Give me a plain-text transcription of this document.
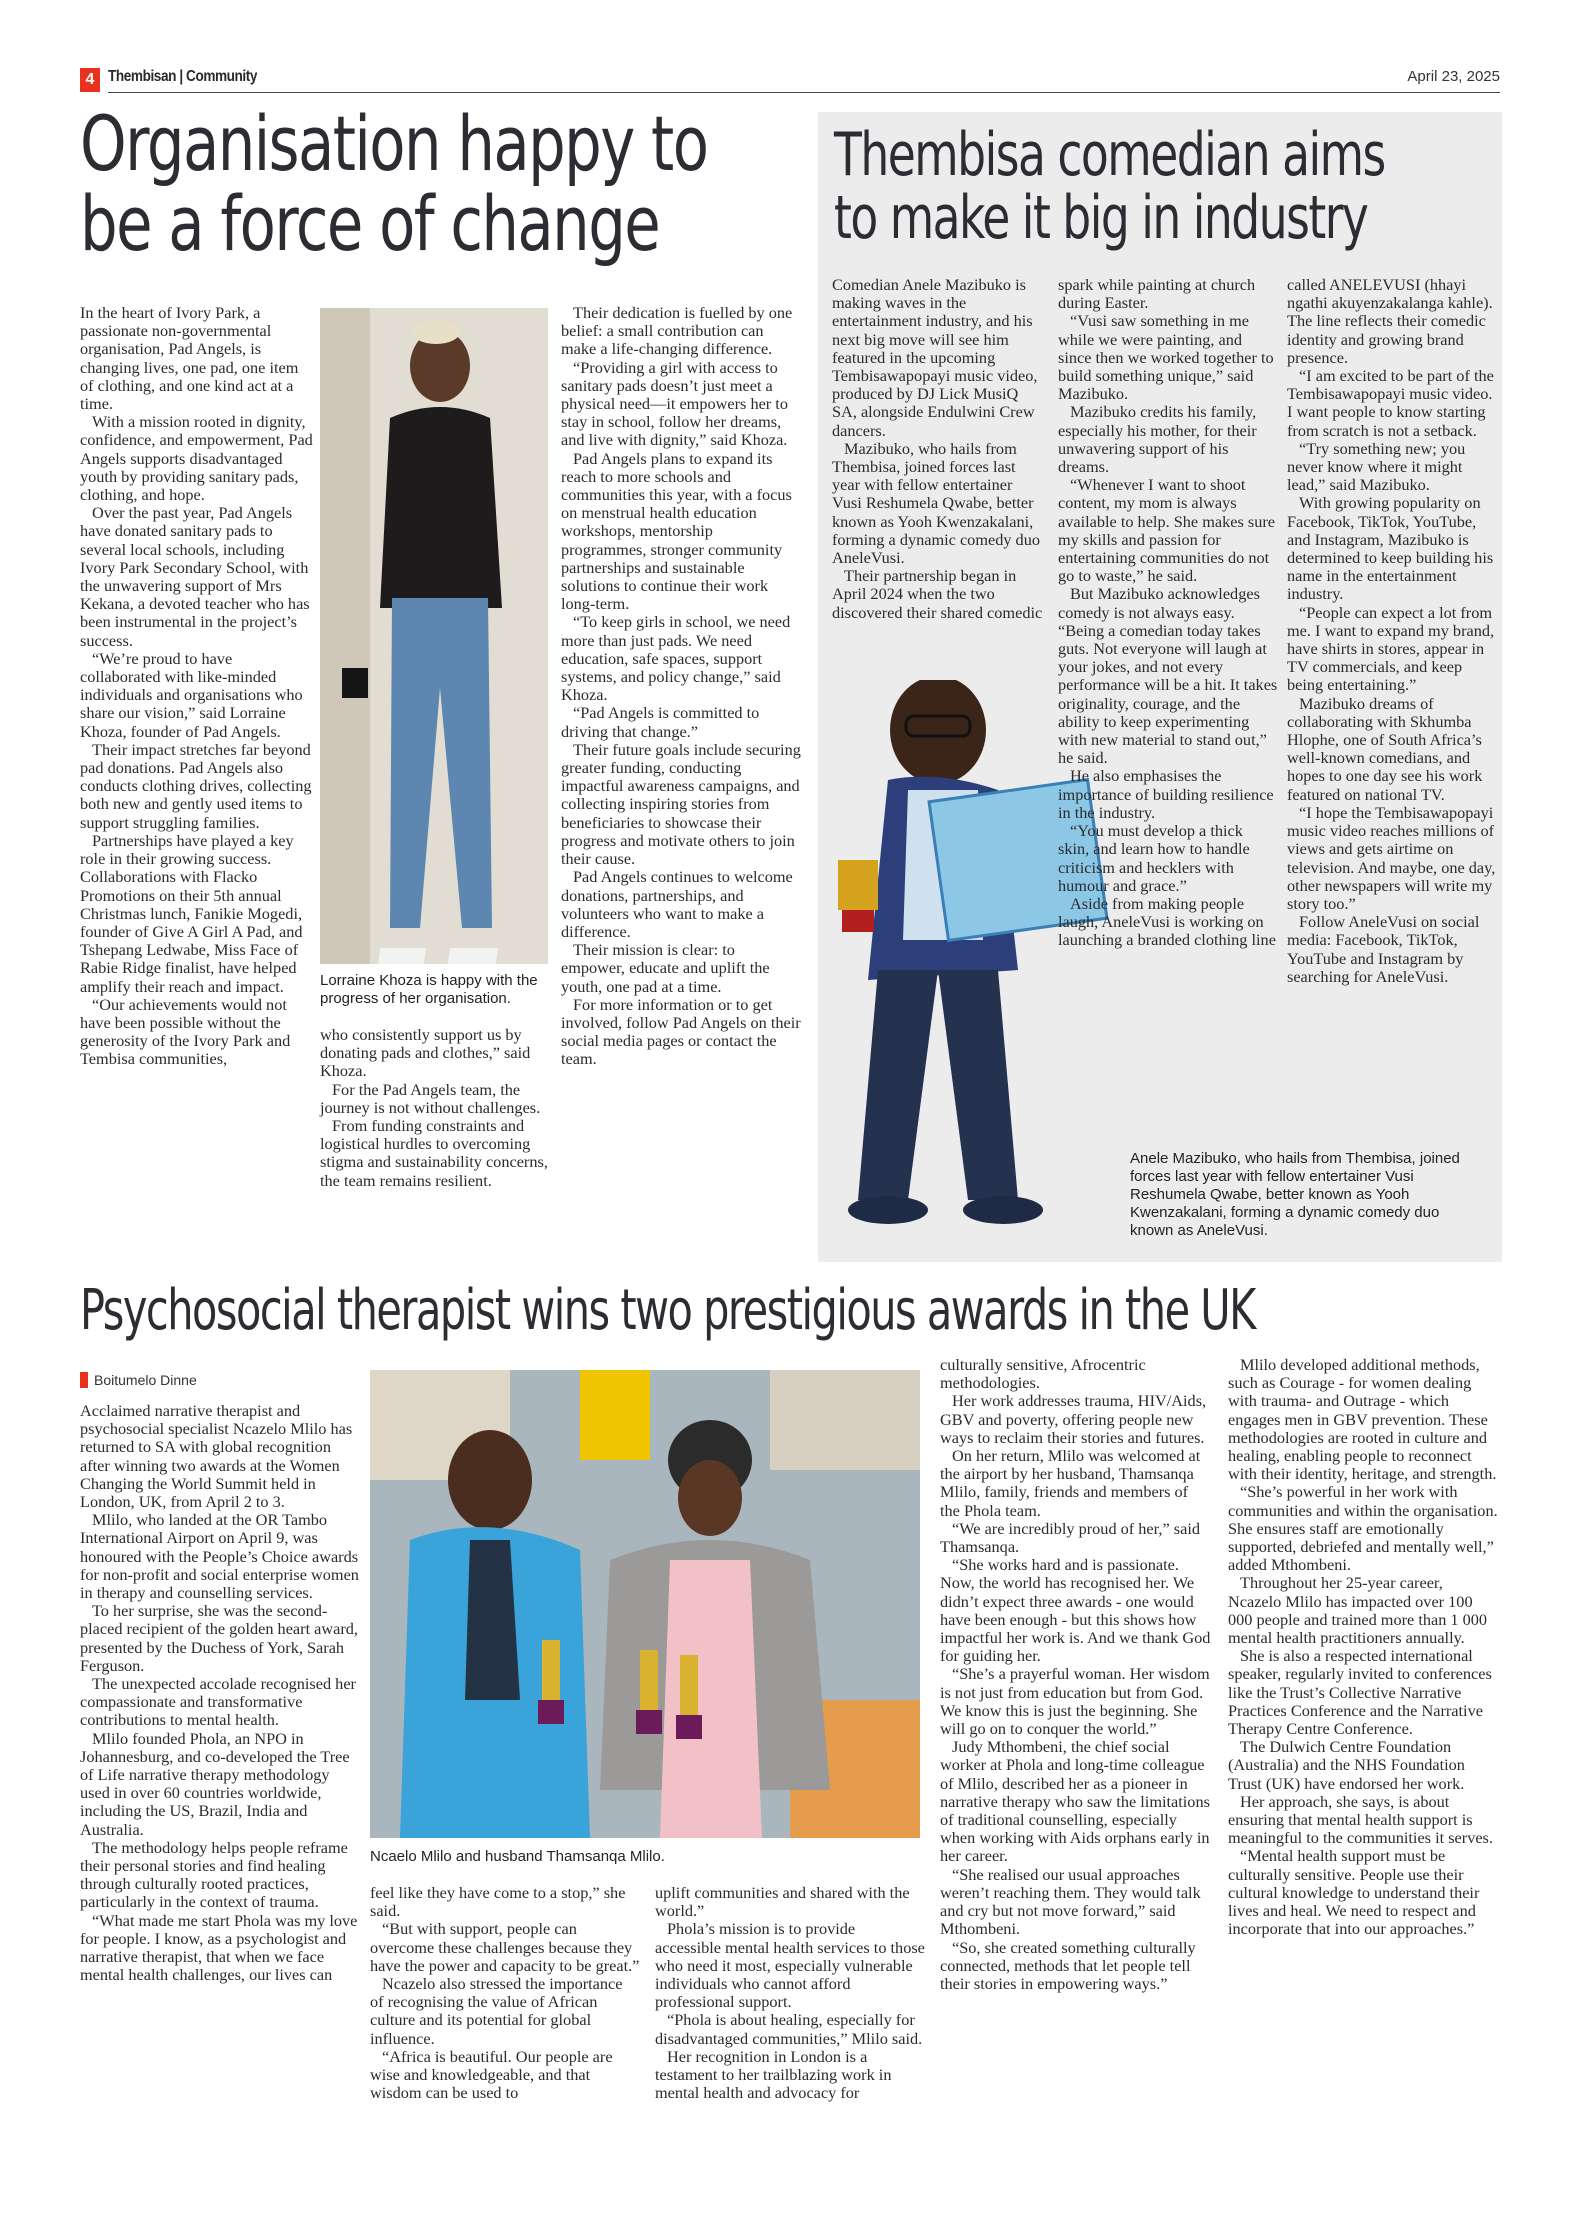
4 Thembisan | Community	April 23, 2025
Organisation happy to
be a force of change

In the heart of Ivory Park, a passionate non-governmental organisation, Pad Angels, is changing lives, one pad, one item of clothing, and one kind act at a time.

With a mission rooted in dignity, confidence, and empowerment, Pad Angels supports disadvantaged youth by providing sanitary pads, clothing, and hope.

Over the past year, Pad Angels have donated sanitary pads to several local schools, including Ivory Park Secondary School, with the unwavering support of Mrs Kekana, a devoted teacher who has been instrumental in the project’s success.

“We’re proud to have collaborated with like-minded individuals and organisations who share our vision,” said Lorraine Khoza, founder of Pad Angels.

Their impact stretches far beyond pad donations. Pad Angels also conducts clothing drives, collecting both new and gently used items to support struggling families.

Partnerships have played a key role in their growing success. Collaborations with Flacko Promotions on their 5th annual Christmas lunch, Fanikie Mogedi, founder of Give A Girl A Pad, and Tshepang Ledwabe, Miss Face of Rabie Ridge finalist, have helped amplify their reach and impact.

“Our achievements would not have been possible without the generosity of the Ivory Park and Tembisa communities,

Lorraine Khoza is happy with the progress of her organisation.

who consistently support us by donating pads and clothes,” said Khoza.

For the Pad Angels team, the journey is not without challenges.

From funding constraints and logistical hurdles to overcoming stigma and sustainability concerns, the team remains resilient.

Their dedication is fuelled by one belief: a small contribution can make a life-changing difference.

“Providing a girl with access to sanitary pads doesn’t just meet a physical need—it empowers her to stay in school, follow her dreams, and live with dignity,” said Khoza.

Pad Angels plans to expand its reach to more schools and communities this year, with a focus on menstrual health education workshops, mentorship programmes, stronger community partnerships and sustainable solutions to continue their work long-term.

“To keep girls in school, we need more than just pads. We need education, safe spaces, support systems, and policy change,” said Khoza.

“Pad Angels is committed to driving that change.”

Their future goals include securing greater funding, conducting impactful awareness campaigns, and collecting inspiring stories from beneficiaries to showcase their progress and motivate others to join their cause.

Pad Angels continues to welcome donations, partnerships, and volunteers who want to make a difference.

Their mission is clear: to empower, educate and uplift the youth, one pad at a time.

For more information or to get involved, follow Pad Angels on their social media pages or contact the team.

Thembisa comedian aims
to make it big in industry

Comedian Anele Mazibuko is making waves in the entertainment industry, and his next big move will see him featured in the upcoming Tembisawapopayi music video, produced by DJ Lick MusiQ SA, alongside Endulwini Crew dancers.

Mazibuko, who hails from Thembisa, joined forces last year with fellow entertainer Vusi Reshumela Qwabe, better known as Yooh Kwenzakalani, forming a dynamic comedy duo AneleVusi.

Their partnership began in April 2024 when the two discovered their shared comedic

spark while painting at church during Easter.

“Vusi saw something in me while we were painting, and since then we worked together to build something unique,” said Mazibuko.

Mazibuko credits his family, especially his mother, for their unwavering support of his dreams.

“Whenever I want to shoot content, my mom is always available to help. She makes sure my skills and passion for entertaining communities do not go to waste,” he said.

But Mazibuko acknowledges comedy is not always easy. “Being a comedian today takes guts. Not everyone will laugh at your jokes, and not every performance will be a hit. It takes originality, courage, and the ability to keep experimenting with new material to stand out,” he said.

He also emphasises the importance of building resilience in the industry.

“You must develop a thick skin, and learn how to handle criticism and hecklers with humour and grace.”

Aside from making people laugh, AneleVusi is working on launching a branded clothing line

called ANELEVUSI (hhayi ngathi akuyenzakalanga kahle). The line reflects their comedic identity and growing brand presence.

“I am excited to be part of the Tembisawapopayi music video. I want people to know starting from scratch is not a setback.

“Try something new; you never know where it might lead,” said Mazibuko.

With growing popularity on Facebook, TikTok, YouTube, and Instagram, Mazibuko is determined to keep building his name in the entertainment industry.

“People can expect a lot from me. I want to expand my brand, have shirts in stores, appear in TV commercials, and keep being entertaining.”

Mazibuko dreams of collaborating with Skhumba Hlophe, one of South Africa’s well-known comedians, and hopes to one day see his work featured on national TV.

“I hope the Tembisawapopayi music video reaches millions of views and gets airtime on television. And maybe, one day, other newspapers will write my story too.”

Follow AneleVusi on social media: Facebook, TikTok, YouTube and Instagram by searching for AneleVusi.

Anele Mazibuko, who hails from Thembisa, joined forces last year with fellow entertainer Vusi Reshumela Qwabe, better known as Yooh Kwenzakalani, forming a dynamic comedy duo known as AneleVusi.
Psychosocial therapist wins two prestigious awards in the UK
Boitumelo Dinne

Acclaimed narrative therapist and psychosocial specialist Ncazelo Mlilo has returned to SA with global recognition after winning two awards at the Women Changing the World Summit held in London, UK, from April 2 to 3.

Mlilo, who landed at the OR Tambo International Airport on April 9, was honoured with the People’s Choice awards for non-profit and social enterprise women in therapy and counselling services.

To her surprise, she was the second-placed recipient of the golden heart award, presented by the Duchess of York, Sarah Ferguson.

The unexpected accolade recognised her compassionate and transformative contributions to mental health.

Mlilo founded Phola, an NPO in Johannesburg, and co-developed the Tree of Life narrative therapy methodology used in over 60 countries worldwide, including the US, Brazil, India and Australia.

The methodology helps people reframe their personal stories and find healing through culturally rooted practices, particularly in the context of trauma.

“What made me start Phola was my love for people. I know, as a psychologist and narrative therapist, that when we face mental health challenges, our lives can

Ncaelo Mlilo and husband Thamsanqa Mlilo.

feel like they have come to a stop,” she said.

“But with support, people can overcome these challenges because they have the power and capacity to be great.”

Ncazelo also stressed the importance of recognising the value of African culture and its potential for global influence.

“Africa is beautiful. Our people are wise and knowledgeable, and that wisdom can be used to

uplift communities and shared with the world.”

Phola’s mission is to provide accessible mental health services to those who need it most, especially vulnerable individuals who cannot afford professional support.

“Phola is about healing, especially for disadvantaged communities,” Mlilo said.

Her recognition in London is a testament to her trailblazing work in mental health and advocacy for

culturally sensitive, Afrocentric methodologies.

Her work addresses trauma, HIV/Aids, GBV and poverty, offering people new ways to reclaim their stories and futures.

On her return, Mlilo was welcomed at the airport by her husband, Thamsanqa Mlilo, family, friends and members of the Phola team.

“We are incredibly proud of her,” said Thamsanqa.

“She works hard and is passionate. Now, the world has recognised her. We didn’t expect three awards - one would have been enough - but this shows how impactful her work is. And we thank God for guiding her.

“She’s a prayerful woman. Her wisdom is not just from education but from God. We know this is just the beginning. She will go on to conquer the world.”

Judy Mthombeni, the chief social worker at Phola and long-time colleague of Mlilo, described her as a pioneer in narrative therapy who saw the limitations of traditional counselling, especially when working with Aids orphans early in her career.

“She realised our usual approaches weren’t reaching them. They would talk and cry but not move forward,” said Mthombeni.

“So, she created something culturally connected, methods that let people tell their stories in empowering ways.”

Mlilo developed additional methods, such as Courage - for women dealing with trauma- and Outrage - which engages men in GBV prevention. These methodologies are rooted in culture and healing, enabling people to reconnect with their identity, heritage, and strength.

“She’s powerful in her work with communities and within the organisation. She ensures staff are emotionally supported, debriefed and mentally well,” added Mthombeni.

Throughout her 25-year career, Ncazelo Mlilo has impacted over 100 000 people and trained more than 1 000 mental health practitioners annually.

She is also a respected international speaker, regularly invited to conferences like the Trust’s Collective Narrative Practices Conference and the Narrative Therapy Centre Conference.

The Dulwich Centre Foundation (Australia) and the NHS Foundation Trust (UK) have endorsed her work.

Her approach, she says, is about ensuring that mental health support is meaningful to the communities it serves.

“Mental health support must be culturally sensitive. People use their cultural knowledge to understand their lives and heal. We need to respect and incorporate that into our approaches.”
